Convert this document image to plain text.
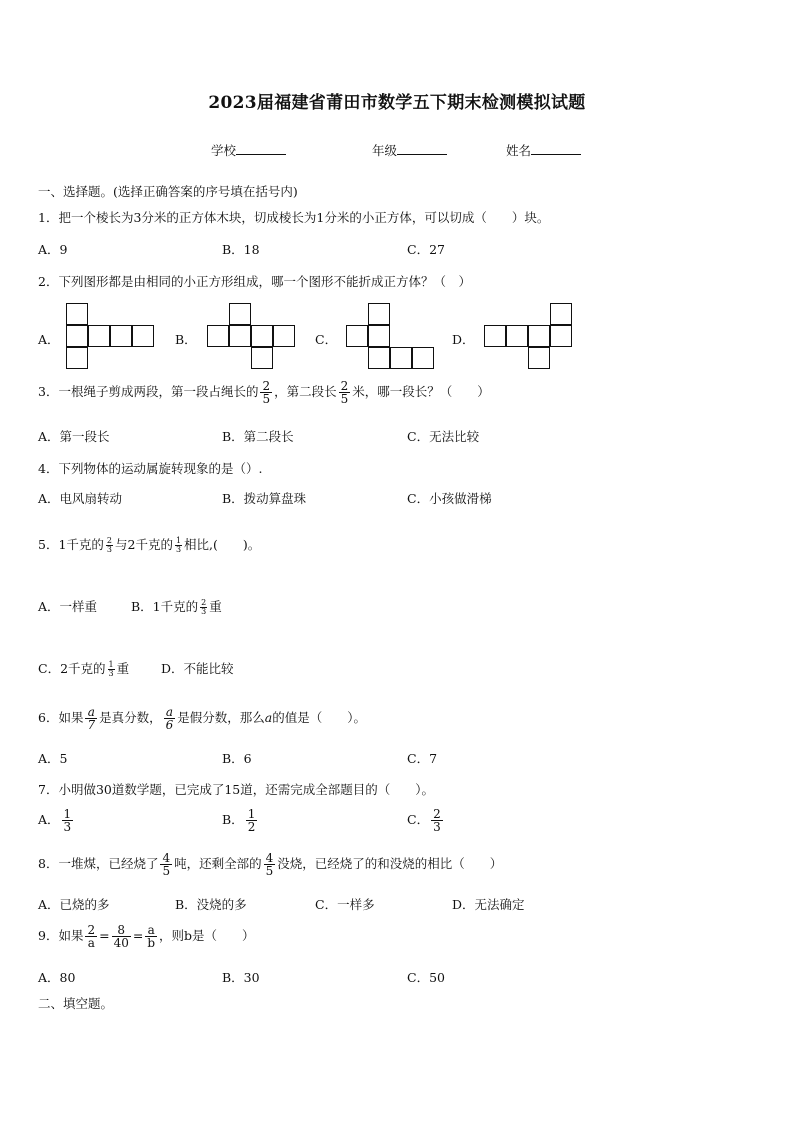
2023届福建省莆田市数学五下期末检测模拟试题
学校	年级	姓名
一、选择题。(选择正确答案的序号填在括号内)
1．把一个棱长为3分米的正方体木块，切成棱长为1分米的小正方体，可以切成（　　）块。
A．9	B．18	C．27
2．下列图形都是由相同的小正方形组成，哪一个图形不能折成正方体？（　）
A．	B．	C．	D．
3．一根绳子剪成两段，第一段占绳长的 $\frac{2}{5}$ ，第二段长 $\frac{2}{5}$ 米，哪一段长？（　　）
A．第一段长	B．第二段长	C．无法比较
4．下列物体的运动属旋转现象的是（）.
A．电风扇转动	B．拨动算盘珠	C．小孩做滑梯
5．1千克的 $\frac{2}{3}$ 与2千克的 $\frac{1}{3}$ 相比,(　　)。
A．一样重	B．1千克的 $\frac{2}{3}$ 重
C．2千克的 $\frac{1}{3}$ 重	D．不能比较
6．如果 $\frac{a}{7}$ 是真分数， $\frac{a}{6}$ 是假分数，那么a的值是（　　）。
A．5	B．6	C．7
7．小明做30道数学题，已完成了15道，还需完成全部题目的（　　）。
A． $\frac{1}{3}$	B． $\frac{1}{2}$	C． $\frac{2}{3}$
8．一堆煤，已经烧了 $\frac{4}{5}$ 吨，还剩全部的 $\frac{4}{5}$ 没烧，已经烧了的和没烧的相比（　　）
A．已烧的多	B．没烧的多	C．一样多	D．无法确定
9．如果 $\frac{2}{a} = \frac{8}{40} = \frac{a}{b}$ ，则b是（　　）
A．80	B．30	C．50
二、填空题。
